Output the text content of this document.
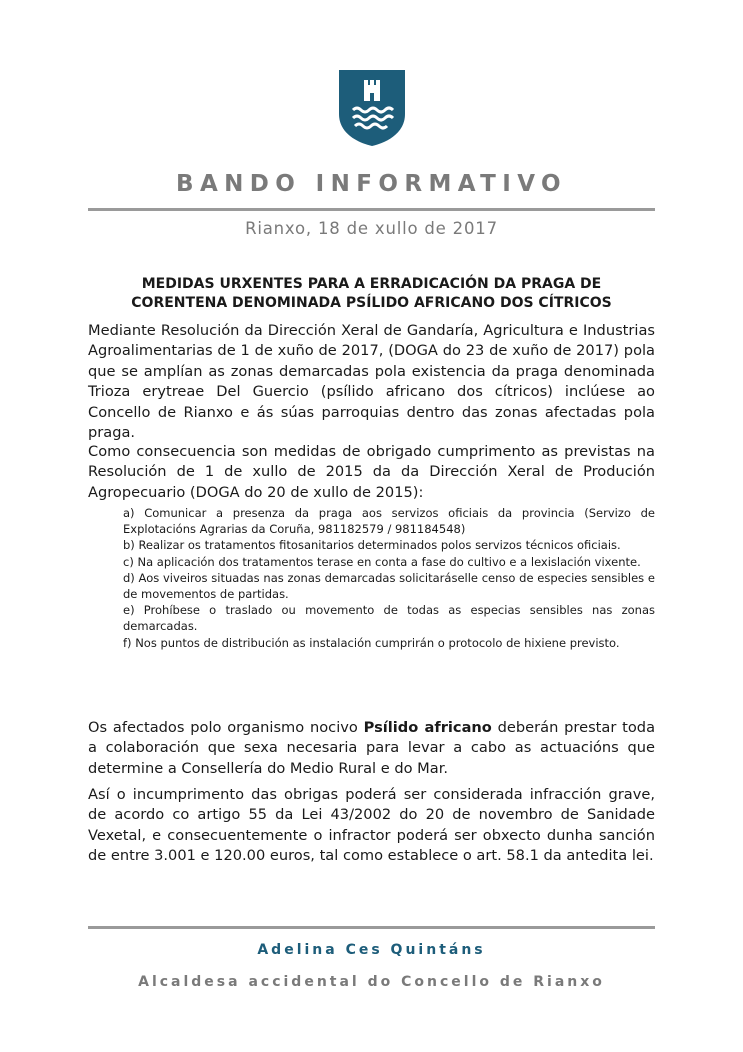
BANDO INFORMATIVO
Rianxo, 18 de xullo de 2017
MEDIDAS URXENTES PARA A ERRADICACIÓN DA PRAGA DE
CORENTENA DENOMINADA PSÍLIDO AFRICANO DOS CÍTRICOS

Mediante Resolución da Dirección Xeral de Gandaría, Agricultura e Industrias Agroalimentarias de 1 de xuño de 2017, (DOGA do 23 de xuño de 2017) pola que se amplían as zonas demarcadas pola existencia da praga denominada Trioza erytreae Del Guercio (psílido africano dos cítricos) inclúese ao Concello de Rianxo e ás súas parroquias dentro das zonas afectadas pola praga.

Como consecuencia son medidas de obrigado cumprimento as previstas na Resolución de 1 de xullo de 2015 da da Dirección Xeral de Produción Agropecuario (DOGA do 20 de xullo de 2015):

a) Comunicar a presenza da praga aos servizos oficiais da provincia (Servizo de Explotacións Agrarias da Coruña, 981182579 / 981184548)

b) Realizar os tratamentos fitosanitarios determinados polos servizos técnicos oficiais.

c) Na aplicación dos tratamentos terase en conta a fase do cultivo e a lexislación vixente.

d) Aos viveiros situadas nas zonas demarcadas solicitaráselle censo de especies sensibles e de movementos de partidas.

e) Prohíbese o traslado ou movemento de todas as especias sensibles nas zonas demarcadas.

f) Nos puntos de distribución as instalación cumprirán o protocolo de hixiene previsto.

Os afectados polo organismo nocivo Psílido africano deberán prestar toda a colaboración que sexa necesaria para levar a cabo as actuacións que determine a Consellería do Medio Rural e do Mar.

Así o incumprimento das obrigas poderá ser considerada infracción grave, de acordo co artigo 55 da Lei 43/2002 do 20 de novembro de Sanidade Vexetal, e consecuentemente o infractor poderá ser obxecto dunha sanción de entre 3.001 e 120.00 euros, tal como establece o art. 58.1 da antedita lei.

Adelina Ces Quintáns
Alcaldesa accidental do Concello de Rianxo
